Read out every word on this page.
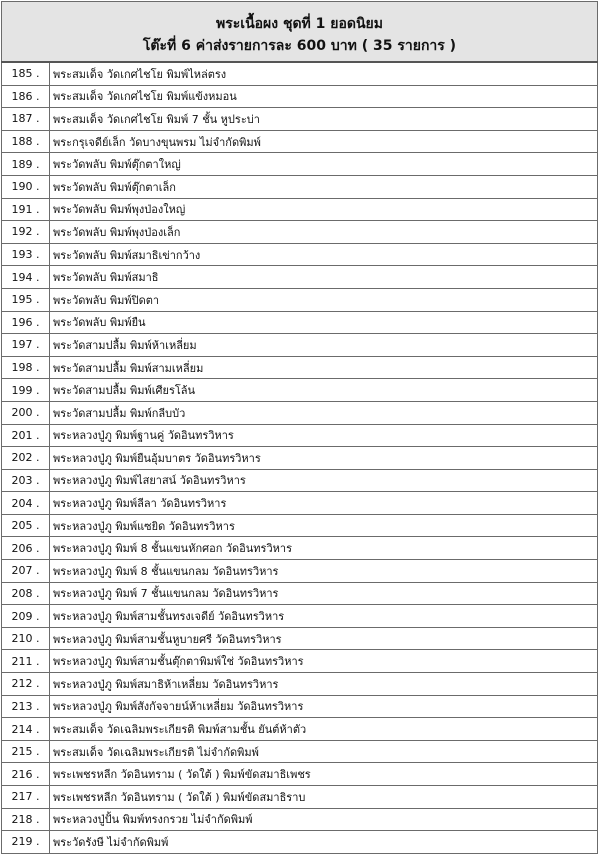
พระเนื้อผง ชุดที่ 1 ยอดนิยม
โต๊ะที่ 6 ค่าส่งรายการละ 600 บาท ( 35 รายการ )	

185 .	พระสมเด็จ วัดเกศไชโย พิมพ์ไหล่ตรง
186 .	พระสมเด็จ วัดเกศไชโย พิมพ์แข้งหมอน
187 .	พระสมเด็จ วัดเกศไชโย พิมพ์ 7 ชั้น หูประบ่า
188 .	พระกรุเจดีย์เล็ก วัดบางขุนพรม ไม่จำกัดพิมพ์
189 .	พระวัดพลับ พิมพ์ตุ๊กตาใหญ่
190 .	พระวัดพลับ พิมพ์ตุ๊กตาเล็ก
191 .	พระวัดพลับ พิมพ์พุงป่องใหญ่
192 .	พระวัดพลับ พิมพ์พุงป่องเล็ก
193 .	พระวัดพลับ พิมพ์สมาธิเข่ากว้าง
194 .	พระวัดพลับ พิมพ์สมาธิ
195 .	พระวัดพลับ พิมพ์ปิดตา
196 .	พระวัดพลับ พิมพ์ยืน
197 .	พระวัดสามปลื้ม พิมพ์ห้าเหลี่ยม
198 .	พระวัดสามปลื้ม พิมพ์สามเหลี่ยม
199 .	พระวัดสามปลื้ม พิมพ์เศียรโล้น
200 .	พระวัดสามปลื้ม พิมพ์กลีบบัว
201 .	พระหลวงปู่ภู พิมพ์ฐานคู่ วัดอินทรวิหาร
202 .	พระหลวงปู่ภู พิมพ์ยืนอุ้มบาตร วัดอินทรวิหาร
203 .	พระหลวงปู่ภู พิมพ์ไสยาสน์ วัดอินทรวิหาร
204 .	พระหลวงปู่ภู พิมพ์ลีลา วัดอินทรวิหาร
205 .	พระหลวงปู่ภู พิมพ์แซยิด วัดอินทรวิหาร
206 .	พระหลวงปู่ภู พิมพ์ 8 ชั้นแขนหักศอก วัดอินทรวิหาร
207 .	พระหลวงปู่ภู พิมพ์ 8 ชั้นแขนกลม วัดอินทรวิหาร
208 .	พระหลวงปู่ภู พิมพ์ 7 ชั้นแขนกลม วัดอินทรวิหาร
209 .	พระหลวงปู่ภู พิมพ์สามชั้นทรงเจดีย์ วัดอินทรวิหาร
210 .	พระหลวงปู่ภู พิมพ์สามชั้นหูบายศรี วัดอินทรวิหาร
211 .	พระหลวงปู่ภู พิมพ์สามชั้นตุ๊กตาพิมพ์ใช่ วัดอินทรวิหาร
212 .	พระหลวงปู่ภู พิมพ์สมาธิห้าเหลี่ยม วัดอินทรวิหาร
213 .	พระหลวงปู่ภู พิมพ์สังกัจจายน์ห้าเหลี่ยม วัดอินทรวิหาร
214 .	พระสมเด็จ วัดเฉลิมพระเกียรติ พิมพ์สามชั้น ยันต์ห้าตัว
215 .	พระสมเด็จ วัดเฉลิมพระเกียรติ ไม่จำกัดพิมพ์
216 .	พระเพชรหลีก วัดอินทราม ( วัดใต้ ) พิมพ์ขัดสมาธิเพชร
217 .	พระเพชรหลีก วัดอินทราม ( วัดใต้ ) พิมพ์ขัดสมาธิราบ
218 .	พระหลวงปู่ปั้น พิมพ์ทรงกรวย ไม่จำกัดพิมพ์
219 .	พระวัดรังษี ไม่จำกัดพิมพ์
